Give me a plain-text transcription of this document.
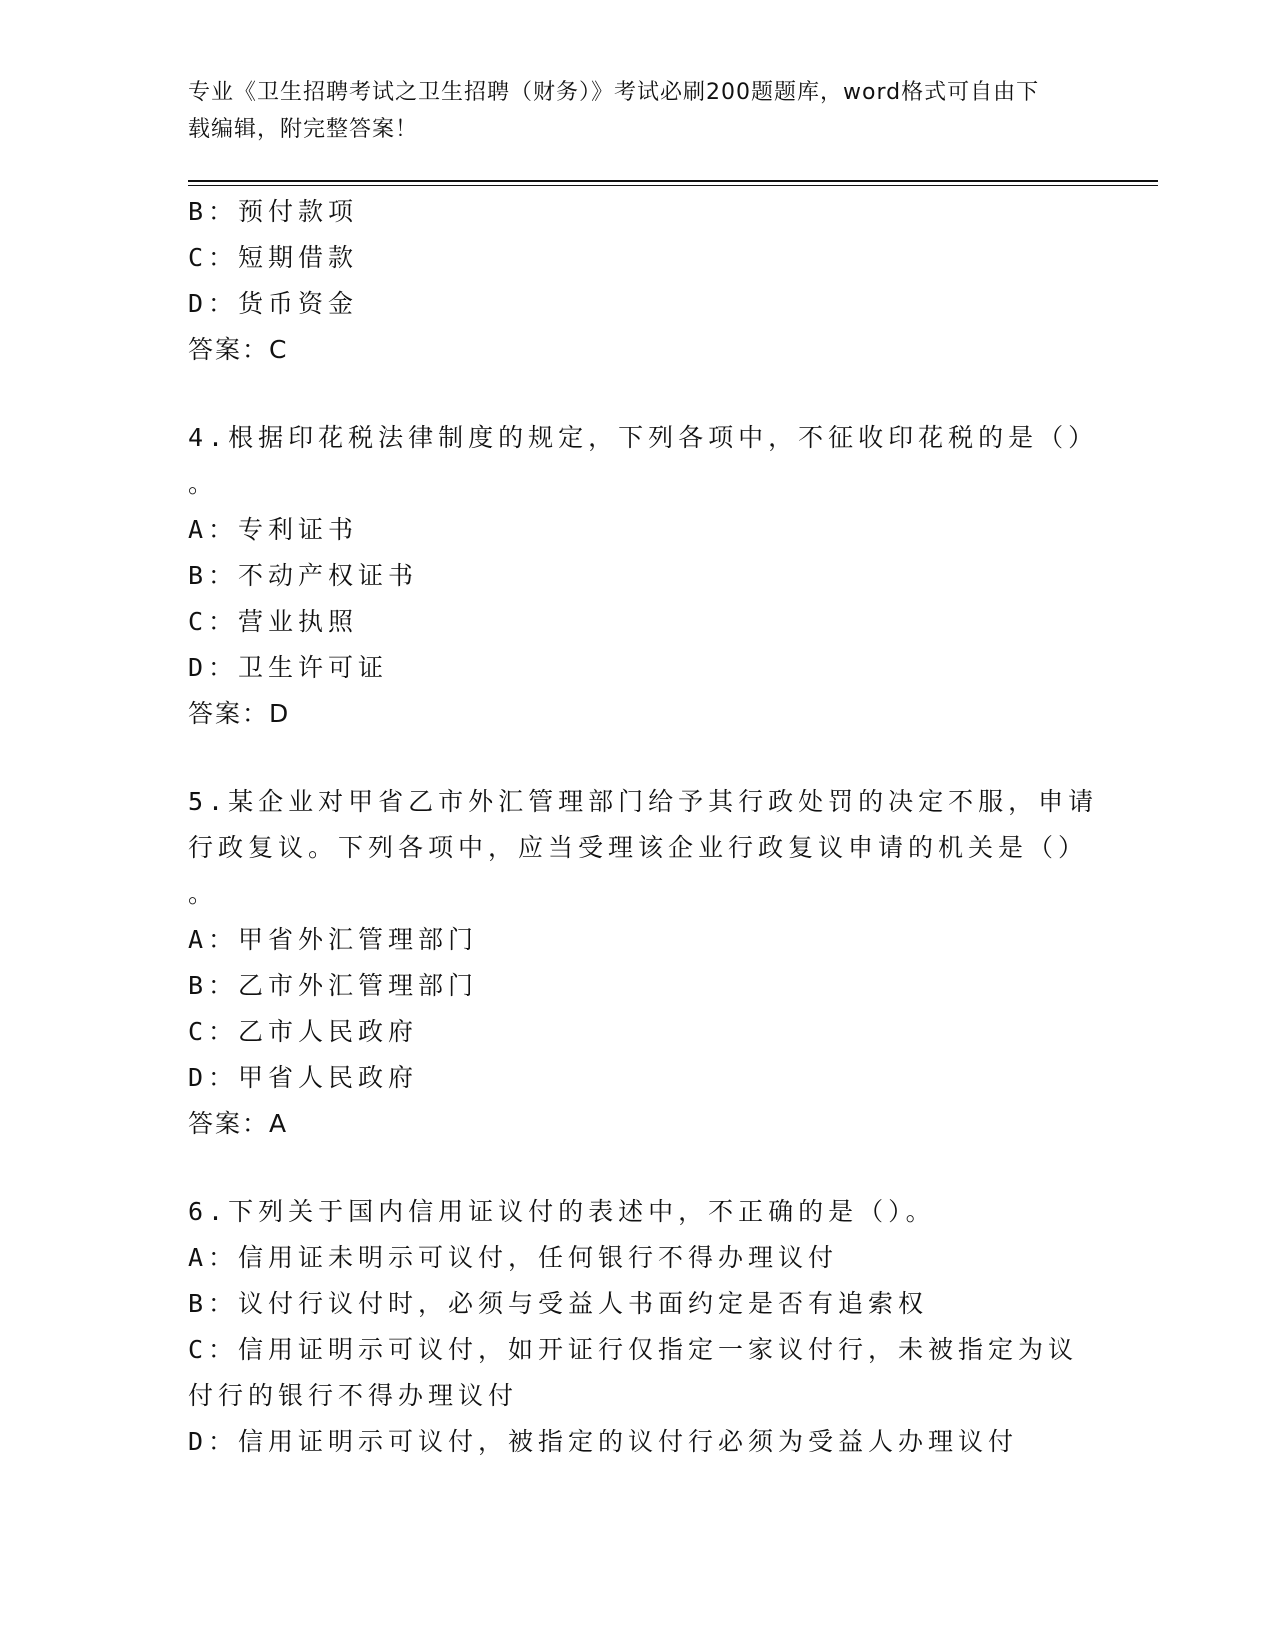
专业《卫生招聘考试之卫生招聘（财务）》考试必刷200题题库，word格式可自由下载编辑，附完整答案！
B：预付款项
C：短期借款
D：货币资金
答案：C
4.根据印花税法律制度的规定，下列各项中，不征收印花税的是（）
。
A：专利证书
B：不动产权证书
C：营业执照
D：卫生许可证
答案：D
5.某企业对甲省乙市外汇管理部门给予其行政处罚的决定不服，申请
行政复议。下列各项中，应当受理该企业行政复议申请的机关是（）
。
A：甲省外汇管理部门
B：乙市外汇管理部门
C：乙市人民政府
D：甲省人民政府
答案：A
6.下列关于国内信用证议付的表述中，不正确的是（）。
A：信用证未明示可议付，任何银行不得办理议付
B：议付行议付时，必须与受益人书面约定是否有追索权
C：信用证明示可议付，如开证行仅指定一家议付行，未被指定为议付行的银行不得办理议付
D：信用证明示可议付，被指定的议付行必须为受益人办理议付
